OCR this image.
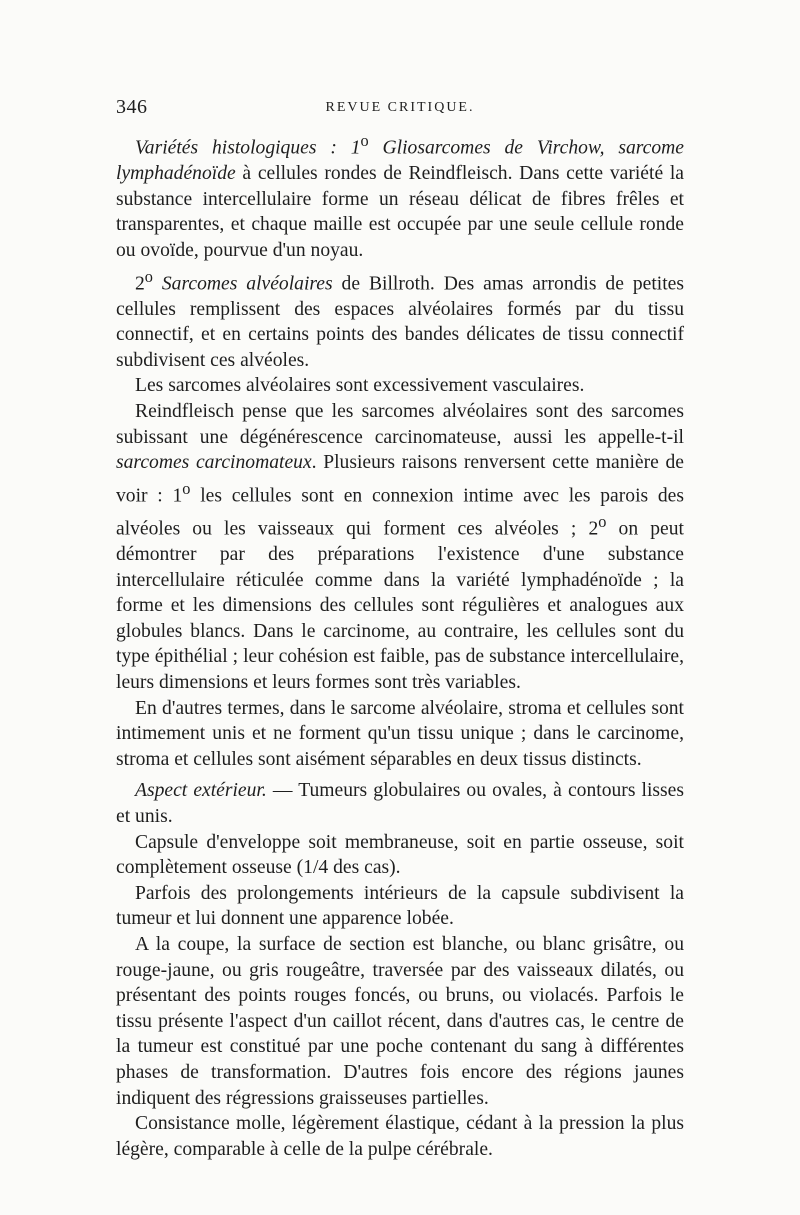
346	REVUE CRITIQUE.

Variétés histologiques : 1$^o$ Gliosarcomes de Virchow, sarcome lymphadénoïde à cellules rondes de Reindfleisch. Dans cette variété la substance intercellulaire forme un réseau délicat de fibres frêles et transparentes, et chaque maille est occupée par une seule cellule ronde ou ovoïde, pourvue d'un noyau.

2$^o$ Sarcomes alvéolaires de Billroth. Des amas arrondis de petites cellules remplissent des espaces alvéolaires formés par du tissu connectif, et en certains points des bandes délicates de tissu connectif subdivisent ces alvéoles.

Les sarcomes alvéolaires sont excessivement vasculaires.

Reindfleisch pense que les sarcomes alvéolaires sont des sarcomes subissant une dégénérescence carcinomateuse, aussi les appelle-t-il sarcomes carcinomateux. Plusieurs raisons renversent cette manière de voir : 1$^o$ les cellules sont en connexion intime avec les parois des alvéoles ou les vaisseaux qui forment ces alvéoles ; 2$^o$ on peut démontrer par des préparations l'existence d'une substance intercellulaire réticulée comme dans la variété lymphadénoïde ; la forme et les dimensions des cellules sont régulières et analogues aux globules blancs. Dans le carcinome, au contraire, les cellules sont du type épithélial ; leur cohésion est faible, pas de substance intercellulaire, leurs dimensions et leurs formes sont très variables.

En d'autres termes, dans le sarcome alvéolaire, stroma et cellules sont intimement unis et ne forment qu'un tissu unique ; dans le carcinome, stroma et cellules sont aisément séparables en deux tissus distincts.

Aspect extérieur. — Tumeurs globulaires ou ovales, à contours lisses et unis.

Capsule d'enveloppe soit membraneuse, soit en partie osseuse, soit complètement osseuse (1/4 des cas).

Parfois des prolongements intérieurs de la capsule subdivisent la tumeur et lui donnent une apparence lobée.

A la coupe, la surface de section est blanche, ou blanc grisâtre, ou rouge-jaune, ou gris rougeâtre, traversée par des vaisseaux dilatés, ou présentant des points rouges foncés, ou bruns, ou violacés. Parfois le tissu présente l'aspect d'un caillot récent, dans d'autres cas, le centre de la tumeur est constitué par une poche contenant du sang à différentes phases de transformation. D'autres fois encore des régions jaunes indiquent des régressions graisseuses partielles.

Consistance molle, légèrement élastique, cédant à la pression la plus légère, comparable à celle de la pulpe cérébrale.
